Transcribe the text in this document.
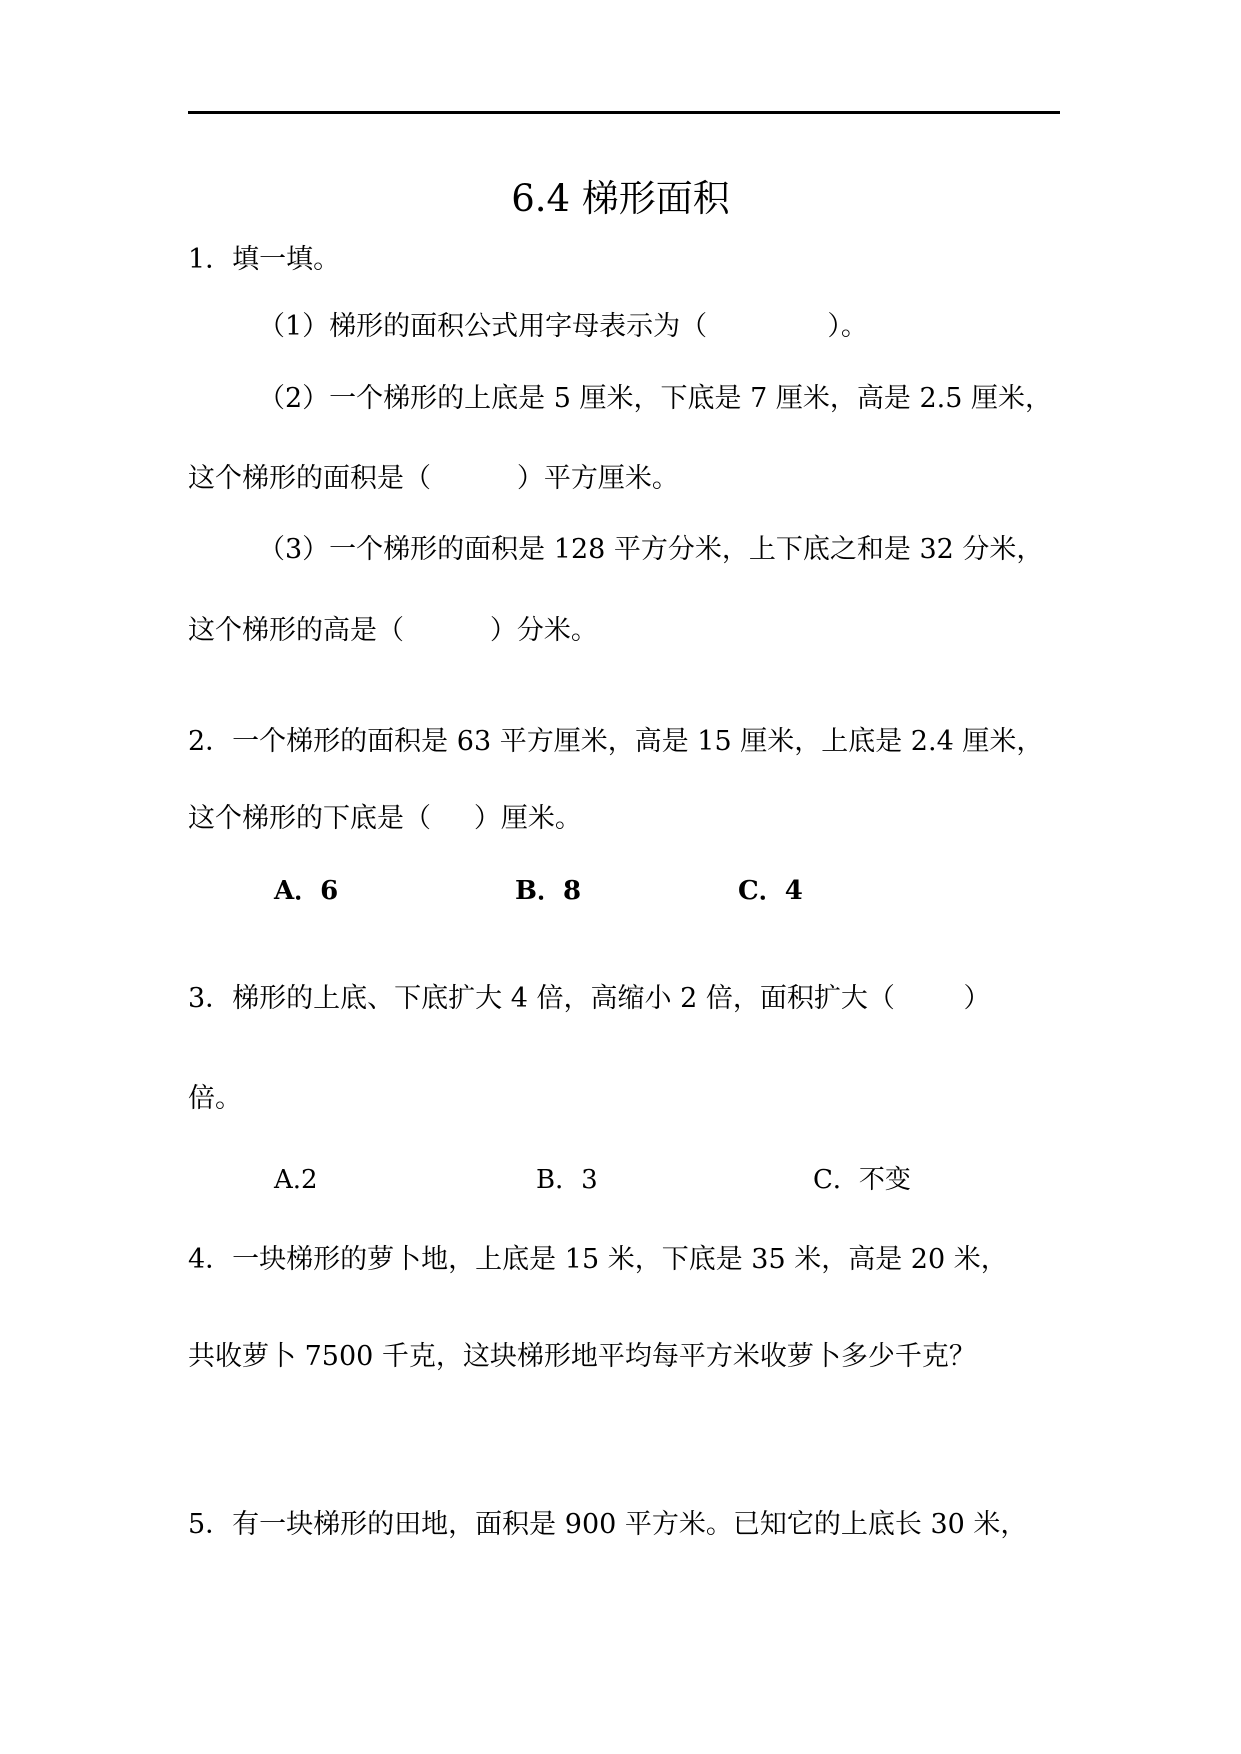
6.4 梯形面积
1．填一填。
（1）梯形的面积公式用字母表示为（              ）。
（2）一个梯形的上底是 5 厘米，下底是 7 厘米，高是 2.5 厘米，
这个梯形的面积是（          ）平方厘米。
（3）一个梯形的面积是 128 平方分米，上下底之和是 32 分米，
这个梯形的高是（          ）分米。
2．一个梯形的面积是 63 平方厘米，高是 15 厘米，上底是 2.4 厘米，
这个梯形的下底是（     ）厘米。
A．6	B．8	C．4
3．梯形的上底、下底扩大 4 倍，高缩小 2 倍，面积扩大（        ）
倍。
A.2	B．3	C．不变
4．一块梯形的萝卜地，上底是 15 米，下底是 35 米，高是 20 米，
共收萝卜 7500 千克，这块梯形地平均每平方米收萝卜多少千克？
5．有一块梯形的田地，面积是 900 平方米。已知它的上底长 30 米，
